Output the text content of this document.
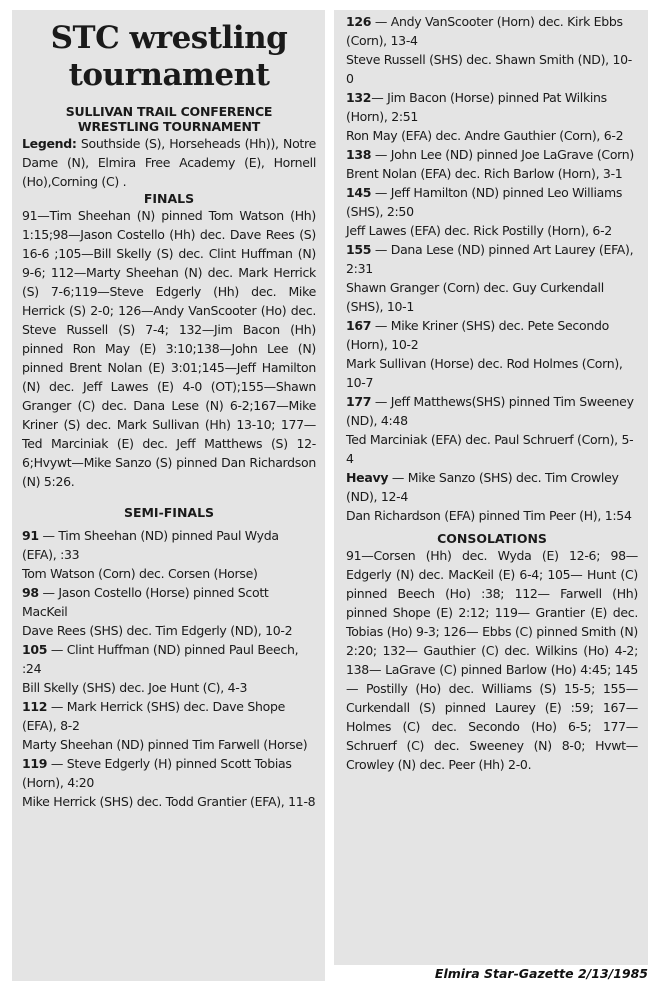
STC wrestling
tournament
SULLIVAN TRAIL CONFERENCE
WRESTLING TOURNAMENT

Legend: Southside (S), Horseheads (Hh)), Notre Dame (N), Elmira Free Academy (E), Hornell (Ho),Corning (C) .

FINALS

91—Tim Sheehan (N) pinned Tom Watson (Hh) 1:15;98—Jason Costello (Hh) dec. Dave Rees (S) 16-6 ;105—Bill Skelly (S) dec. Clint Huffman (N) 9-6; 112—Marty Sheehan (N) dec. Mark Herrick (S) 7-6;119—Steve Edgerly (Hh) dec. Mike Herrick (S) 2-0; 126—Andy VanScooter (Ho) dec. Steve Russell (S) 7-4; 132—Jim Bacon (Hh) pinned Ron May (E) 3:10;138—John Lee (N) pinned Brent Nolan (E) 3:01;145—Jeff Hamilton (N) dec. Jeff Lawes (E) 4-0 (OT);155—Shawn Granger (C) dec. Dana Lese (N) 6-2;167—Mike Kriner (S) dec. Mark Sullivan (Hh) 13-10; 177—Ted Marciniak (E) dec. Jeff Matthews (S) 12-6;Hvywt—Mike Sanzo (S) pinned Dan Richardson (N) 5:26.

SEMI-FINALS

91 — Tim Sheehan (ND) pinned Paul Wyda (EFA), :33

Tom Watson (Corn) dec. Corsen (Horse)

98 — Jason Costello (Horse) pinned Scott MacKeil

Dave Rees (SHS) dec. Tim Edgerly (ND), 10-2

105 — Clint Huffman (ND) pinned Paul Beech, :24

Bill Skelly (SHS) dec. Joe Hunt (C), 4-3

112 — Mark Herrick (SHS) dec. Dave Shope (EFA), 8-2

Marty Sheehan (ND) pinned Tim Farwell (Horse)

119 — Steve Edgerly (H) pinned Scott Tobias (Horn), 4:20

Mike Herrick (SHS) dec. Todd Grantier (EFA), 11-8

126 — Andy VanScooter (Horn) dec. Kirk Ebbs (Corn), 13-4

Steve Russell (SHS) dec. Shawn Smith (ND), 10-0

132— Jim Bacon (Horse) pinned Pat Wilkins (Horn), 2:51

Ron May (EFA) dec. Andre Gauthier (Corn), 6-2

138 — John Lee (ND) pinned Joe LaGrave (Corn)

Brent Nolan (EFA) dec. Rich Barlow (Horn), 3-1

145 — Jeff Hamilton (ND) pinned Leo Williams (SHS), 2:50

Jeff Lawes (EFA) dec. Rick Postilly (Horn), 6-2

155 — Dana Lese (ND) pinned Art Laurey (EFA), 2:31

Shawn Granger (Corn) dec. Guy Curkendall (SHS), 10-1

167 — Mike Kriner (SHS) dec. Pete Secondo (Horn), 10-2

Mark Sullivan (Horse) dec. Rod Holmes (Corn), 10-7

177 — Jeff Matthews(SHS) pinned Tim Sweeney (ND), 4:48

Ted Marciniak (EFA) dec. Paul Schruerf (Corn), 5-4

Heavy — Mike Sanzo (SHS) dec. Tim Crowley (ND), 12-4

Dan Richardson (EFA) pinned Tim Peer (H), 1:54

CONSOLATIONS

91—Corsen (Hh) dec. Wyda (E) 12-6; 98— Edgerly (N) dec. MacKeil (E) 6-4; 105— Hunt (C) pinned Beech (Ho) :38; 112— Farwell (Hh) pinned Shope (E) 2:12; 119— Grantier (E) dec. Tobias (Ho) 9-3; 126— Ebbs (C) pinned Smith (N) 2:20; 132— Gauthier (C) dec. Wilkins (Ho) 4-2; 138— LaGrave (C) pinned Barlow (Ho) 4:45; 145— Postilly (Ho) dec. Williams (S) 15-5; 155— Curkendall (S) pinned Laurey (E) :59; 167— Holmes (C) dec. Secondo (Ho) 6-5; 177—Schruerf (C) dec. Sweeney (N) 8-0; Hvwt— Crowley (N) dec. Peer (Hh) 2-0.

Elmira Star-Gazette 2/13/1985
